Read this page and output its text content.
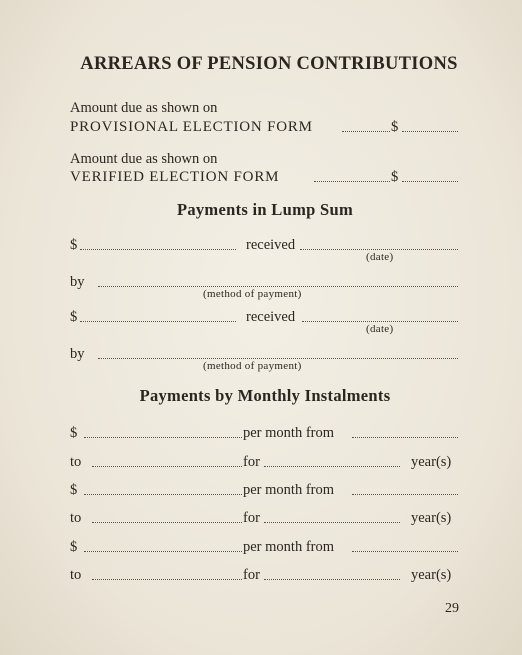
ARREARS OF PENSION CONTRIBUTIONS
Amount due as shown on
PROVISIONAL ELECTION FORM	$
Amount due as shown on
VERIFIED ELECTION FORM	$
Payments in Lump Sum
$	received
(date)
by
(method of payment)
$	received
(date)
by
(method of payment)
Payments by Monthly Instalments
$	per month from
to	for	year(s)
$	per month from
to	for	year(s)
$	per month from
to	for	year(s)
29
